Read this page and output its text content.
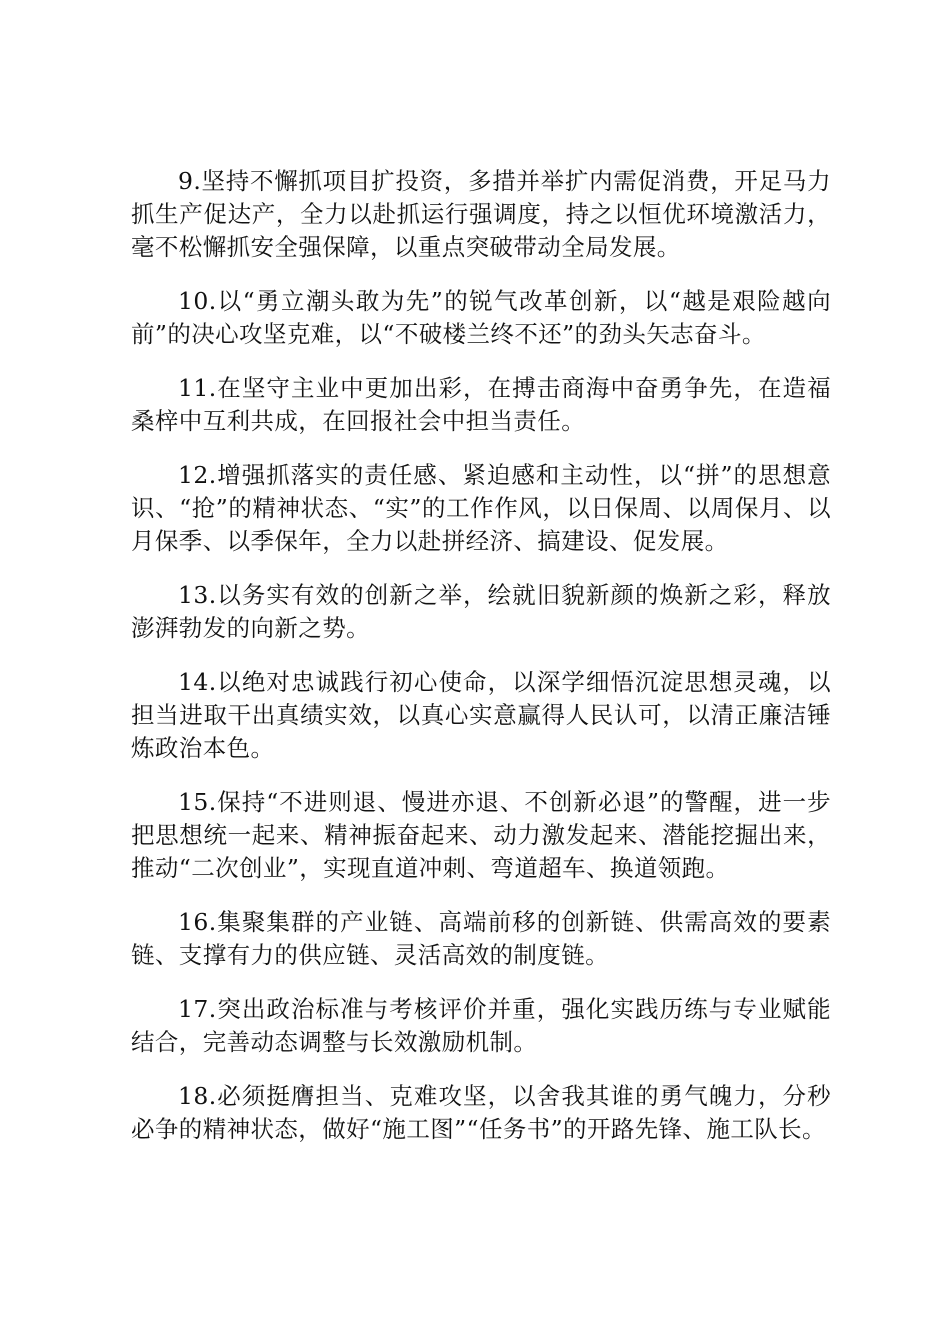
9.坚持不懈抓项目扩投资，多措并举扩内需促消费，开足马力抓生产促达产，全力以赴抓运行强调度，持之以恒优环境激活力，毫不松懈抓安全强保障，以重点突破带动全局发展。

10.以“勇立潮头敢为先”的锐气改革创新，以“越是艰险越向前”的决心攻坚克难，以“不破楼兰终不还”的劲头矢志奋斗。

11.在坚守主业中更加出彩，在搏击商海中奋勇争先，在造福桑梓中互利共成，在回报社会中担当责任。

12.增强抓落实的责任感、紧迫感和主动性，以“拼”的思想意识、“抢”的精神状态、“实”的工作作风，以日保周、以周保月、以月保季、以季保年，全力以赴拼经济、搞建设、促发展。

13.以务实有效的创新之举，绘就旧貌新颜的焕新之彩，释放澎湃勃发的向新之势。

14.以绝对忠诚践行初心使命，以深学细悟沉淀思想灵魂，以担当进取干出真绩实效，以真心实意赢得人民认可，以清正廉洁锤炼政治本色。

15.保持“不进则退、慢进亦退、不创新必退”的警醒，进一步把思想统一起来、精神振奋起来、动力激发起来、潜能挖掘出来，推动“二次创业”，实现直道冲刺、弯道超车、换道领跑。

16.集聚集群的产业链、高端前移的创新链、供需高效的要素链、支撑有力的供应链、灵活高效的制度链。

17.突出政治标准与考核评价并重，强化实践历练与专业赋能结合，完善动态调整与长效激励机制。

18.必须挺膺担当、克难攻坚，以舍我其谁的勇气魄力，分秒必争的精神状态，做好“施工图”“任务书”的开路先锋、施工队长。
